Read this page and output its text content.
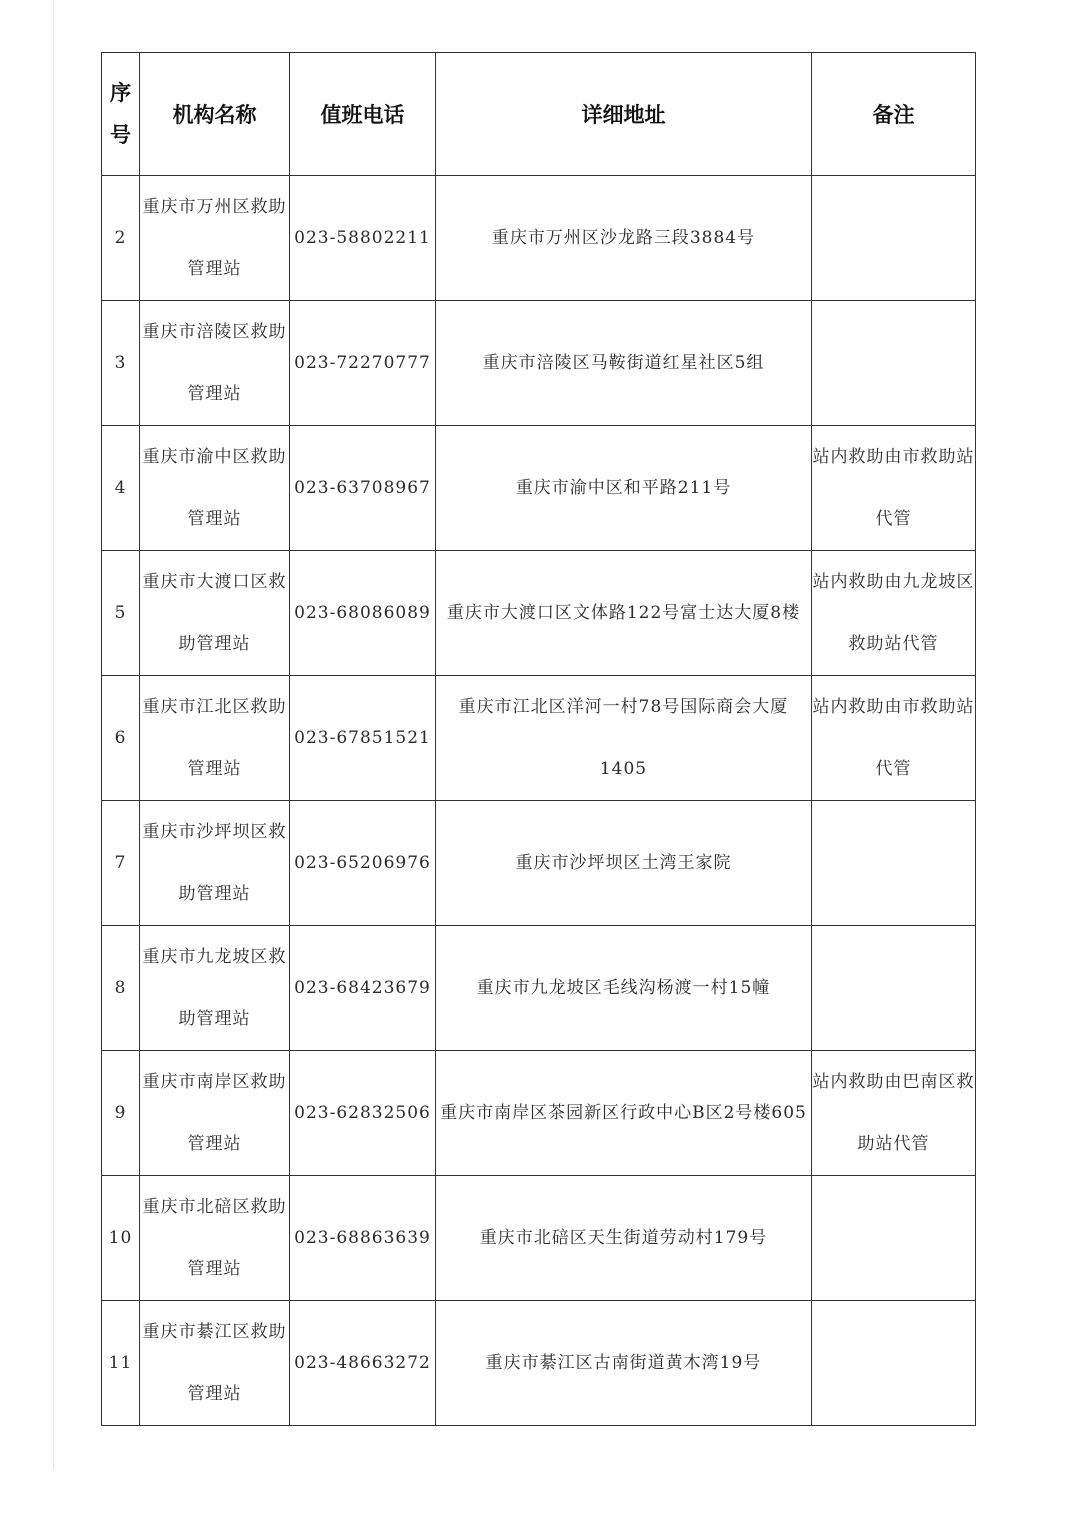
序号	机构名称	值班电话	详细地址	备注
2	重庆市万州区救助管理站	023-58802211	重庆市万州区沙龙路三段3884号	
3	重庆市涪陵区救助管理站	023-72270777	重庆市涪陵区马鞍街道红星社区5组	
4	重庆市渝中区救助管理站	023-63708967	重庆市渝中区和平路211号	站内救助由市救助站代管
5	重庆市大渡口区救助管理站	023-68086089	重庆市大渡口区文体路122号富士达大厦8楼	站内救助由九龙坡区救助站代管
6	重庆市江北区救助管理站	023-67851521	重庆市江北区洋河一村78号国际商会大厦1405	站内救助由市救助站代管
7	重庆市沙坪坝区救助管理站	023-65206976	重庆市沙坪坝区土湾王家院	
8	重庆市九龙坡区救助管理站	023-68423679	重庆市九龙坡区毛线沟杨渡一村15幢	
9	重庆市南岸区救助管理站	023-62832506	重庆市南岸区茶园新区行政中心B区2号楼605	站内救助由巴南区救助站代管
10	重庆市北碚区救助管理站	023-68863639	重庆市北碚区天生街道劳动村179号	
11	重庆市綦江区救助管理站	023-48663272	重庆市綦江区古南街道黄木湾19号	
